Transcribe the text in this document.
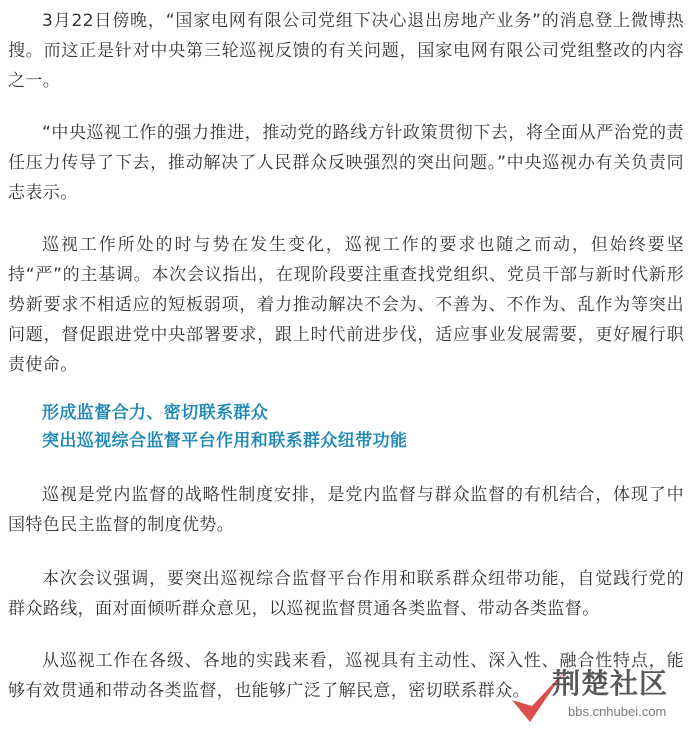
3月22日傍晚，“国家电网有限公司党组下决心退出房地产业务”的消息登上微博热搜。而这正是针对中央第三轮巡视反馈的有关问题，国家电网有限公司党组整改的内容之一。

“中央巡视工作的强力推进，推动党的路线方针政策贯彻下去，将全面从严治党的责任压力传导了下去，推动解决了人民群众反映强烈的突出问题。”中央巡视办有关负责同志表示。

巡视工作所处的时与势在发生变化，巡视工作的要求也随之而动，但始终要坚持“严”的主基调。本次会议指出，在现阶段要注重查找党组织、党员干部与新时代新形势新要求不相适应的短板弱项，着力推动解决不会为、不善为、不作为、乱作为等突出问题，督促跟进党中央部署要求，跟上时代前进步伐，适应事业发展需要，更好履行职责使命。

形成监督合力、密切联系群众

突出巡视综合监督平台作用和联系群众纽带功能

巡视是党内监督的战略性制度安排，是党内监督与群众监督的有机结合，体现了中国特色民主监督的制度优势。

本次会议强调，要突出巡视综合监督平台作用和联系群众纽带功能，自觉践行党的群众路线，面对面倾听群众意见，以巡视监督贯通各类监督、带动各类监督。

从巡视工作在各级、各地的实践来看，巡视具有主动性、深入性、融合性特点，能够有效贯通和带动各类监督，也能够广泛了解民意，密切联系群众。 荆楚社区
bbs.cnhubei.com
